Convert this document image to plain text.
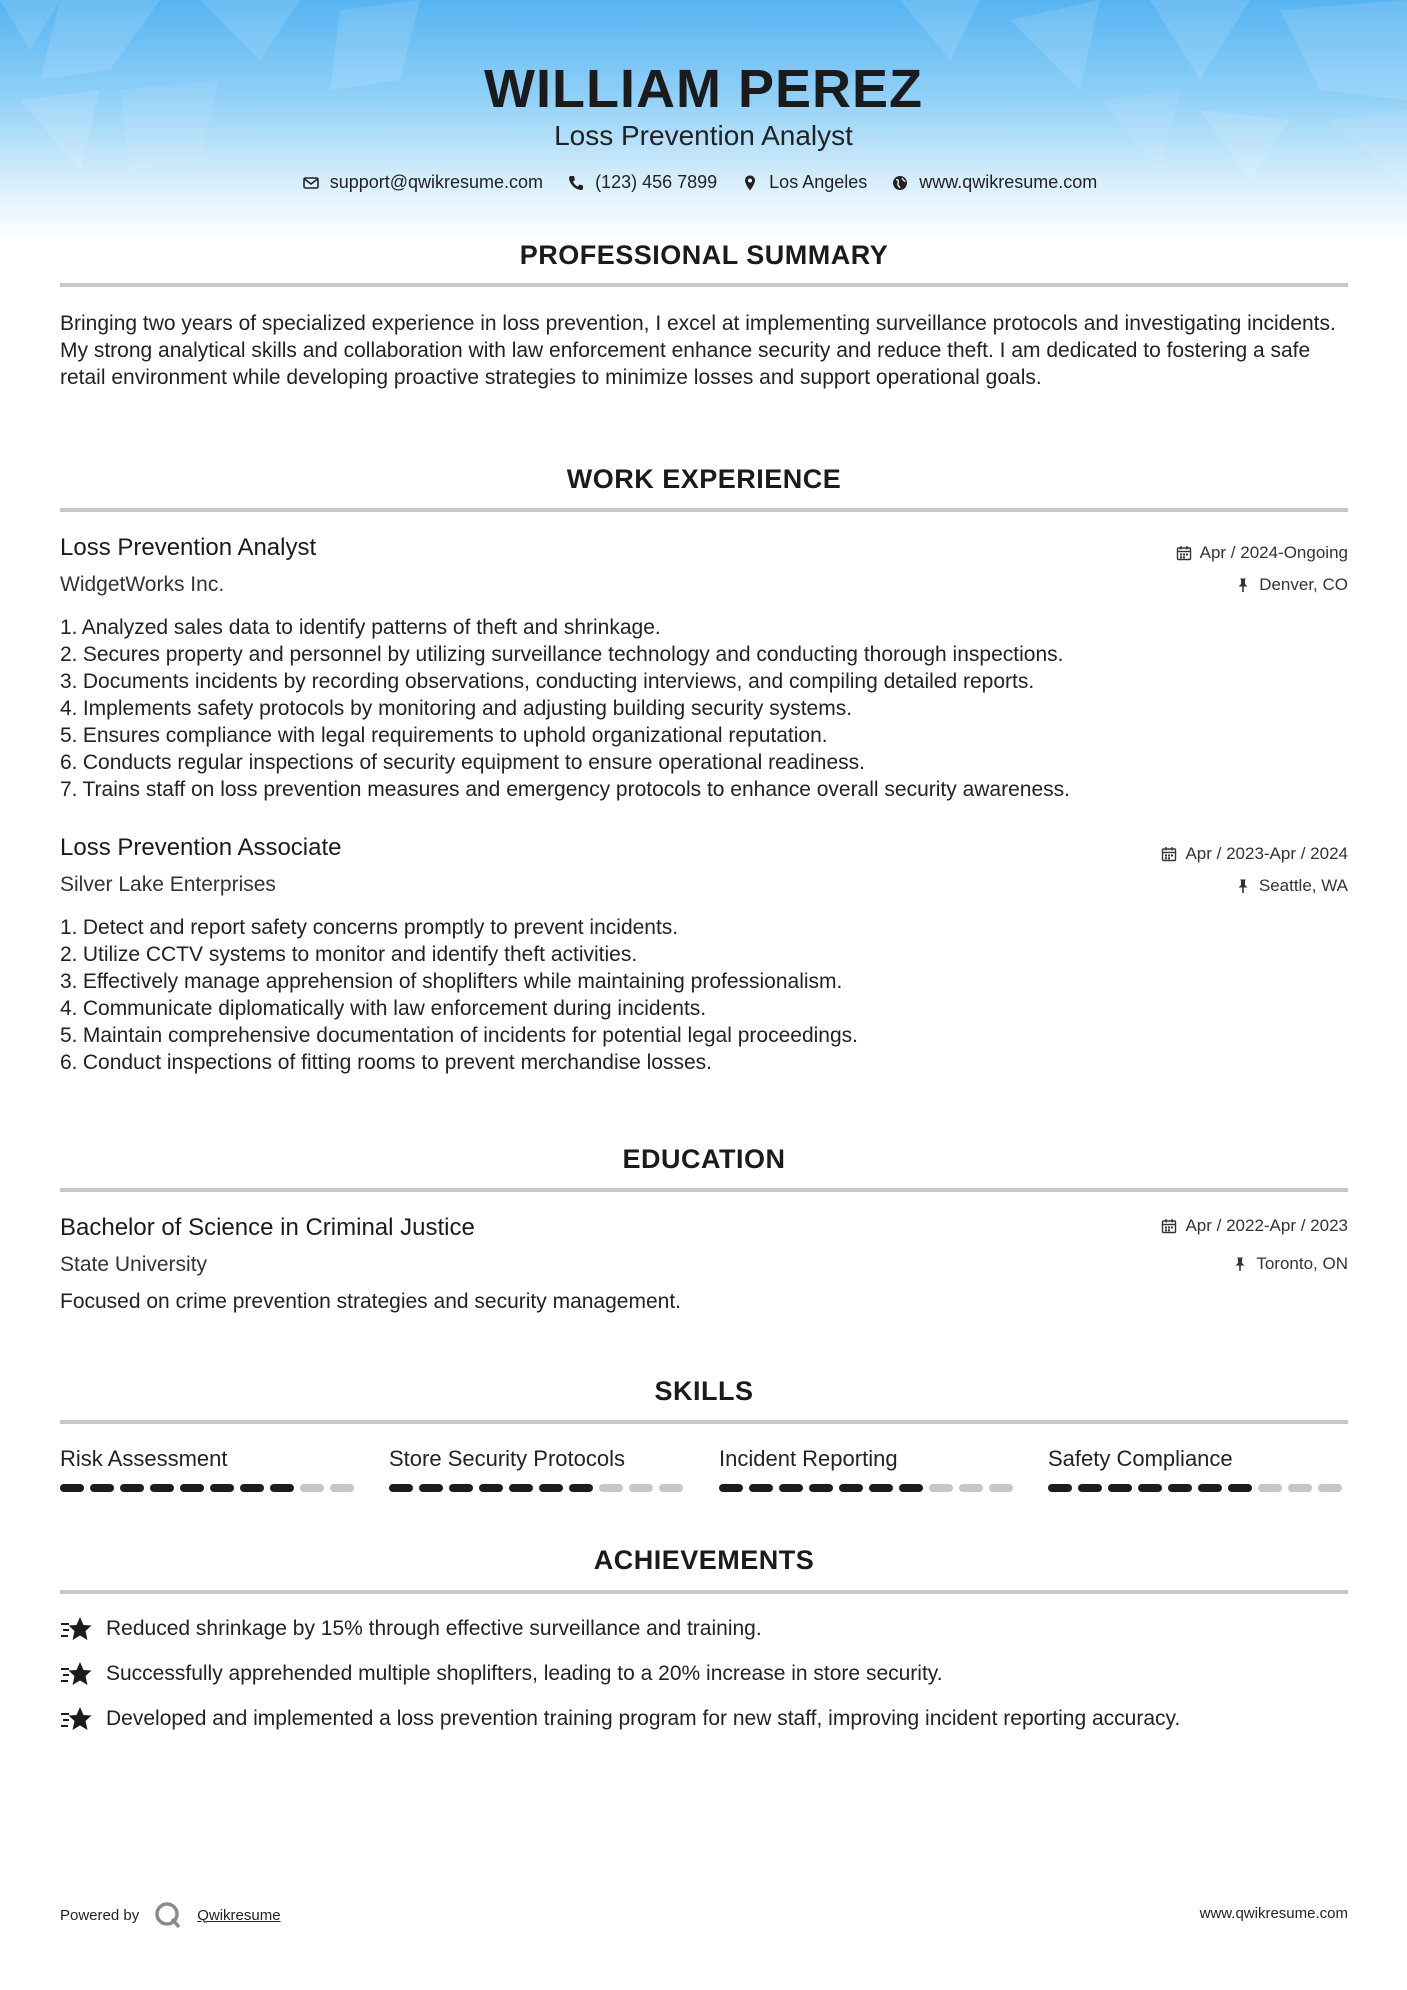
WILLIAM PEREZ
Loss Prevention Analyst
support@qwikresume.com	(123) 456 7899	Los Angeles	www.qwikresume.com
PROFESSIONAL SUMMARY
Bringing two years of specialized experience in loss prevention, I excel at implementing surveillance protocols and investigating incidents. My strong analytical skills and collaboration with law enforcement enhance security and reduce theft. I am dedicated to fostering a safe retail environment while developing proactive strategies to minimize losses and support operational goals.
WORK EXPERIENCE
Loss Prevention Analyst
WidgetWorks Inc.
Apr / 2024-Ongoing
Denver, CO
1. Analyzed sales data to identify patterns of theft and shrinkage.
2. Secures property and personnel by utilizing surveillance technology and conducting thorough inspections.
3. Documents incidents by recording observations, conducting interviews, and compiling detailed reports.
4. Implements safety protocols by monitoring and adjusting building security systems.
5. Ensures compliance with legal requirements to uphold organizational reputation.
6. Conducts regular inspections of security equipment to ensure operational readiness.
7. Trains staff on loss prevention measures and emergency protocols to enhance overall security awareness.
Loss Prevention Associate
Silver Lake Enterprises
Apr / 2023-Apr / 2024
Seattle, WA
1. Detect and report safety concerns promptly to prevent incidents.
2. Utilize CCTV systems to monitor and identify theft activities.
3. Effectively manage apprehension of shoplifters while maintaining professionalism.
4. Communicate diplomatically with law enforcement during incidents.
5. Maintain comprehensive documentation of incidents for potential legal proceedings.
6. Conduct inspections of fitting rooms to prevent merchandise losses.
EDUCATION
Bachelor of Science in Criminal Justice
State University
Apr / 2022-Apr / 2023
Toronto, ON
Focused on crime prevention strategies and security management.
SKILLS
Risk Assessment	Store Security Protocols	Incident Reporting	Safety Compliance
ACHIEVEMENTS
Reduced shrinkage by 15% through effective surveillance and training.
Successfully apprehended multiple shoplifters, leading to a 20% increase in store security.
Developed and implemented a loss prevention training program for new staff, improving incident reporting accuracy.
Powered by	Qwikresume	www.qwikresume.com
